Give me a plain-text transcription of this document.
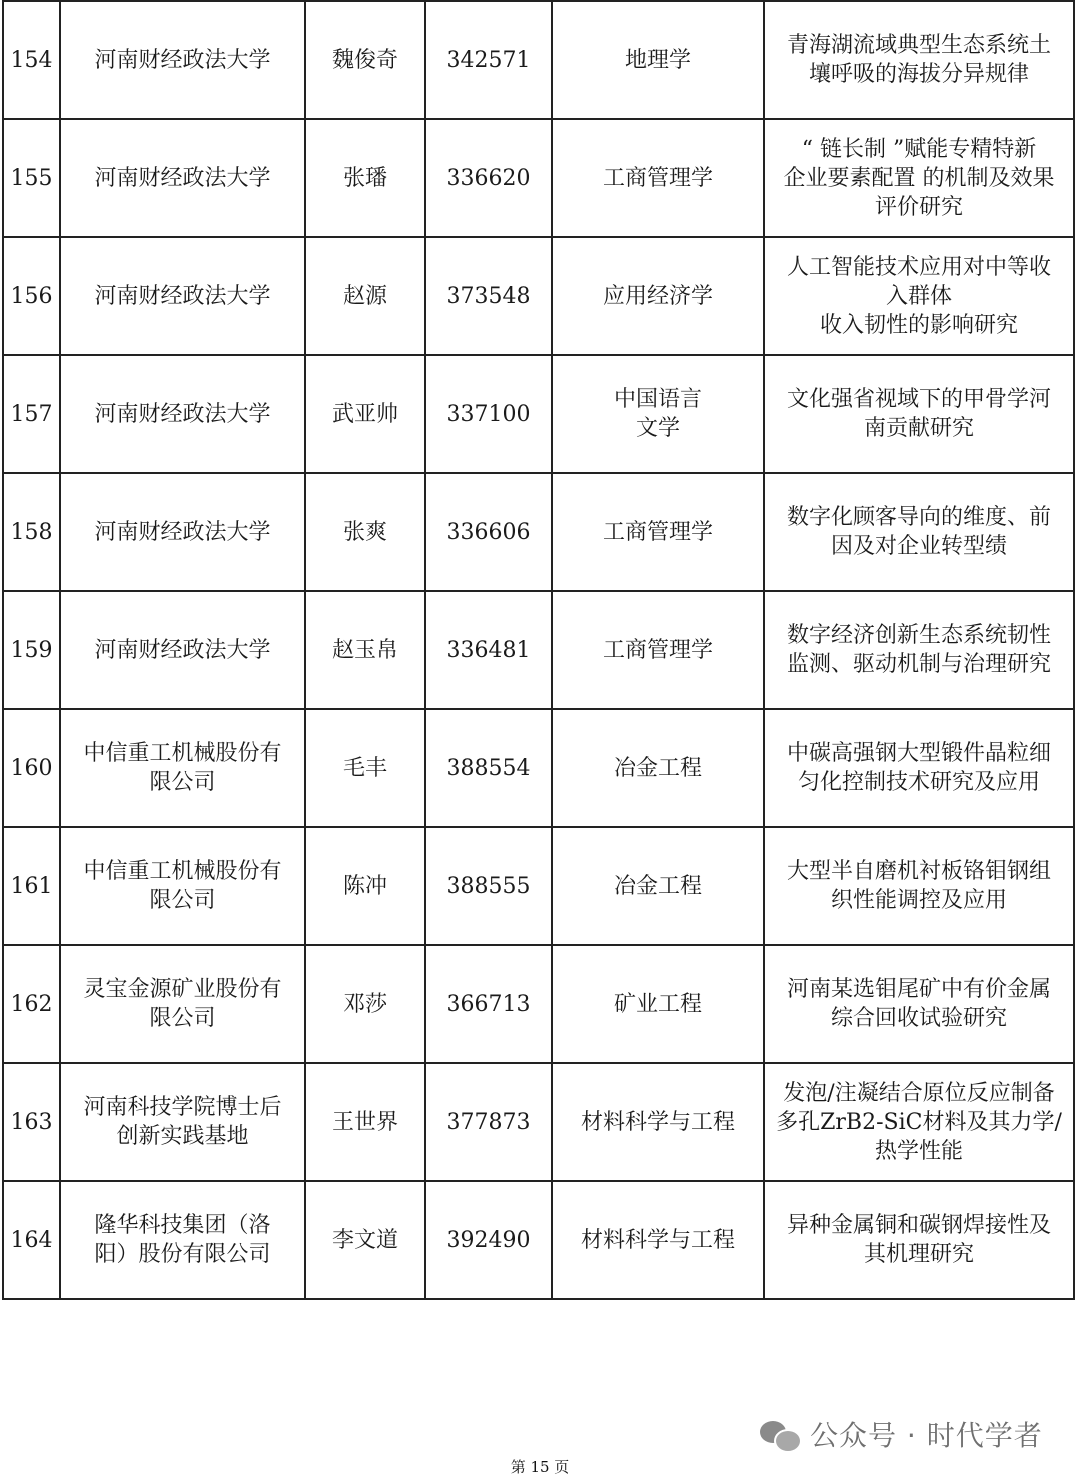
154	河南财经政法大学	魏俊奇	342571	地理学	青海湖流域典型生态系统土
壤呼吸的海拔分异规律
155	河南财经政法大学	张璠	336620	工商管理学	“ 链长制 ”赋能专精特新
企业要素配置 的机制及效果
评价研究
156	河南财经政法大学	赵源	373548	应用经济学	人工智能技术应用对中等收
入群体
收入韧性的影响研究
157	河南财经政法大学	武亚帅	337100	中国语言
文学	文化强省视域下的甲骨学河
南贡献研究
158	河南财经政法大学	张爽	336606	工商管理学	数字化顾客导向的维度、前
因及对企业转型绩
159	河南财经政法大学	赵玉帛	336481	工商管理学	数字经济创新生态系统韧性
监测、驱动机制与治理研究
160	中信重工机械股份有
限公司	毛丰	388554	冶金工程	中碳高强钢大型锻件晶粒细
匀化控制技术研究及应用
161	中信重工机械股份有
限公司	陈冲	388555	冶金工程	大型半自磨机衬板铬钼钢组
织性能调控及应用
162	灵宝金源矿业股份有
限公司	邓莎	366713	矿业工程	河南某选钼尾矿中有价金属
综合回收试验研究
163	河南科技学院博士后
创新实践基地	王世界	377873	材料科学与工程	发泡/注凝结合原位反应制备
多孔ZrB2-SiC材料及其力学/
热学性能
164	隆华科技集团（洛
阳）股份有限公司	李文道	392490	材料科学与工程	异种金属铜和碳钢焊接性及
其机理研究
公众号 · 时代学者
第 15 页
